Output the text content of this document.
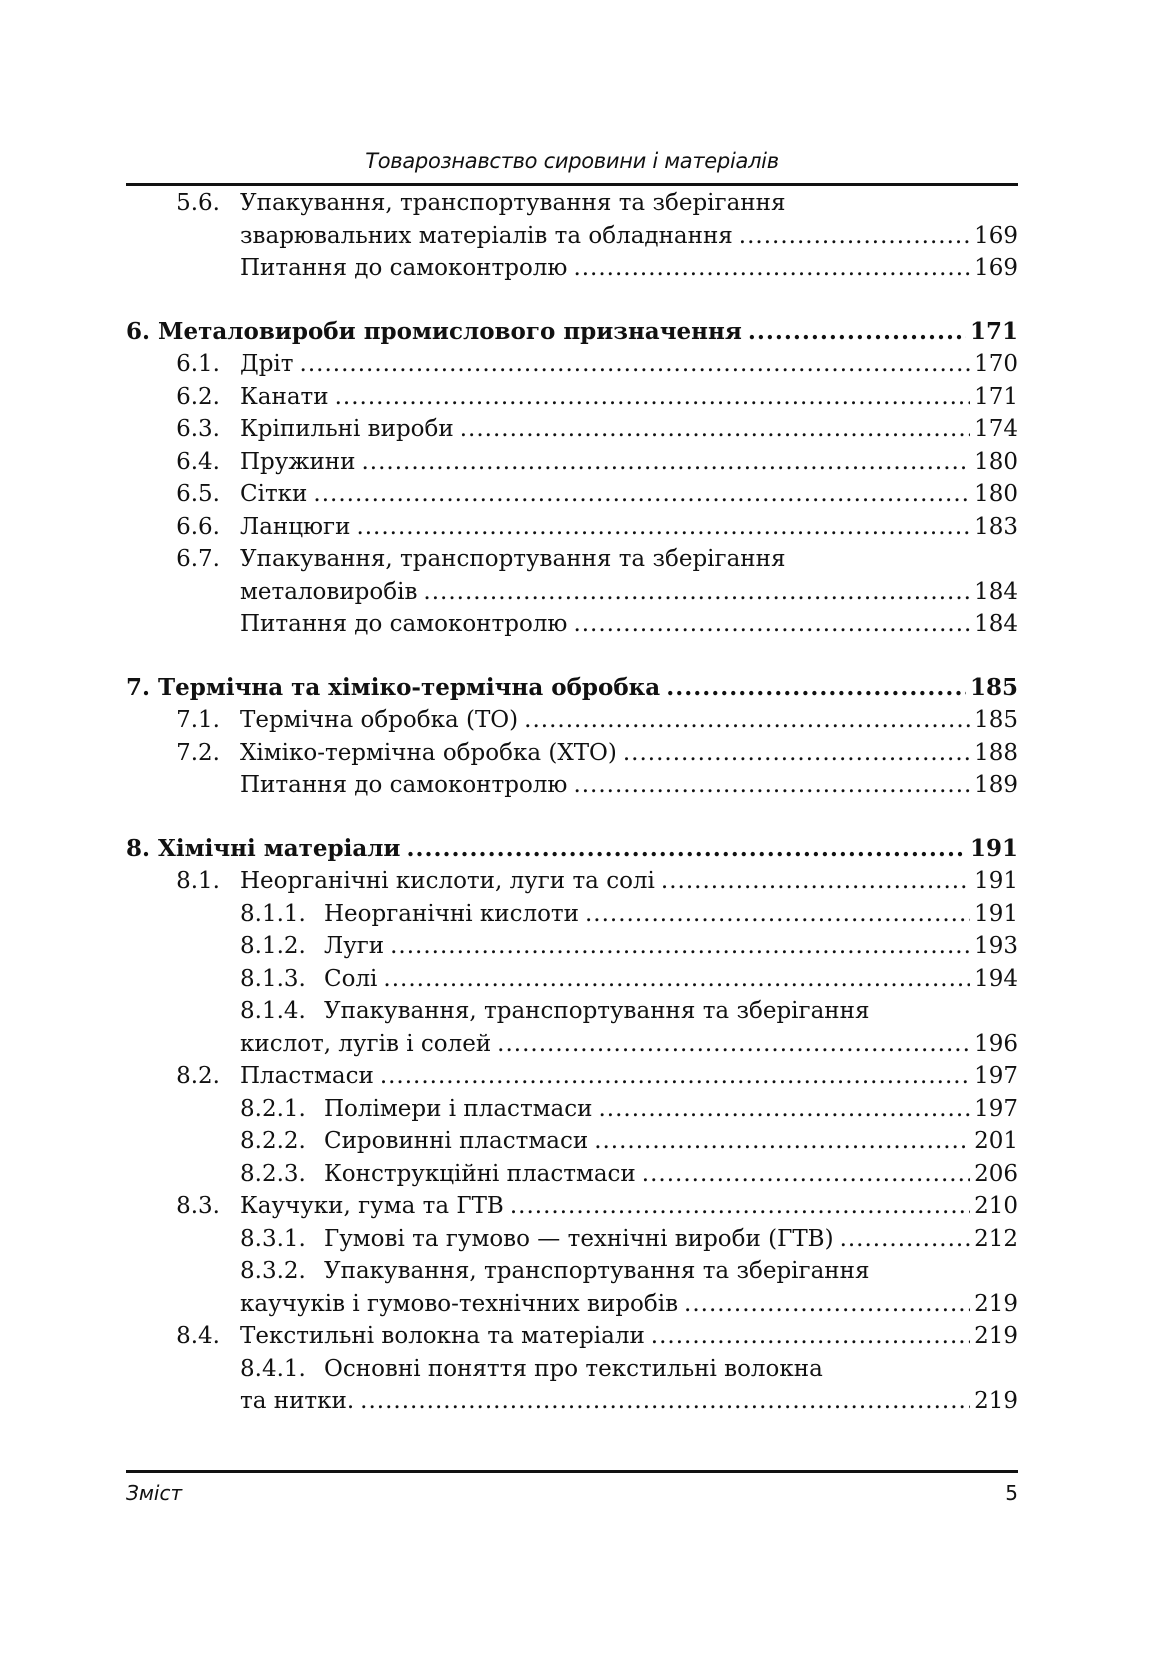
Товарознавство сировини і матеріалів
5.6. Упакування, транспортування та зберігання
зварювальних матеріалів та обладнання .....	169
Питання до самоконтролю .....	169
6. Металовироби промислового призначення .....	171
6.1. Дріт .....	170
6.2. Канати .....	171
6.3. Кріпильні вироби .....	174
6.4. Пружини .....	180
6.5. Сітки .....	180
6.6. Ланцюги .....	183
6.7. Упакування, транспортування та зберігання
металовиробів .....	184
Питання до самоконтролю .....	184
7. Термічна та хіміко-термічна обробка .....	185
7.1. Термічна обробка (ТО) .....	185
7.2. Хіміко-термічна обробка (ХТО) .....	188
Питання до самоконтролю .....	189
8. Хімічні матеріали .....	191
8.1. Неорганічні кислоти, луги та солі .....	191
8.1.1. Неорганічні кислоти .....	191
8.1.2. Луги .....	193
8.1.3. Солі .....	194
8.1.4. Упакування, транспортування та зберігання
кислот, лугів і солей .....	196
8.2. Пластмаси .....	197
8.2.1. Полімери і пластмаси .....	197
8.2.2. Сировинні пластмаси .....	201
8.2.3. Конструкційні пластмаси .....	206
8.3. Каучуки, гума та ГТВ .....	210
8.3.1. Гумові та гумово — технічні вироби (ГТВ) .....	212
8.3.2. Упакування, транспортування та зберігання
каучуків і гумово-технічних виробів .....	219
8.4. Текстильні волокна та матеріали .....	219
8.4.1. Основні поняття про текстильні волокна
та нитки. .....	219
Зміст	5
